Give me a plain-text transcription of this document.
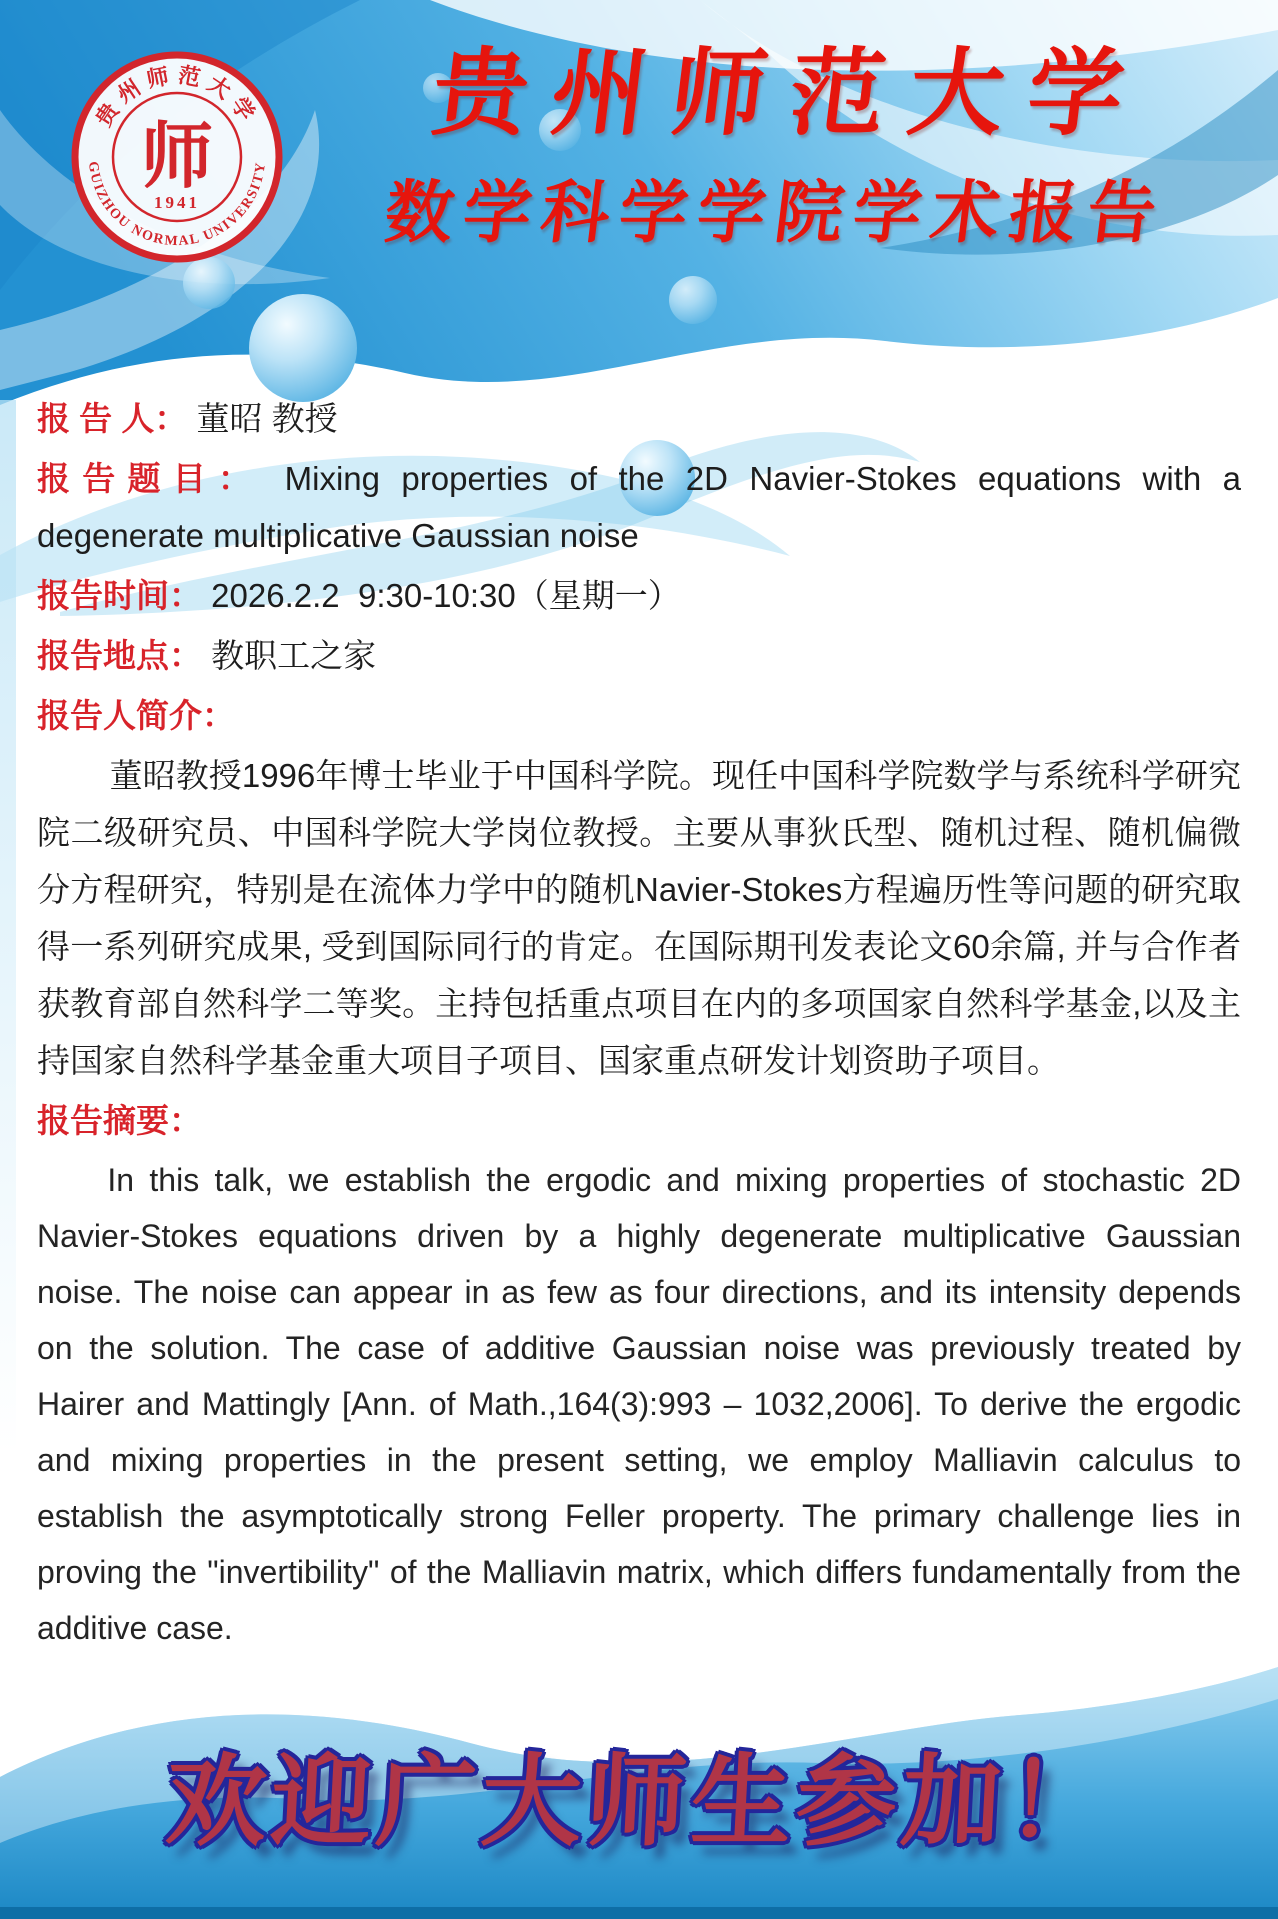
贵州师范大学
GUIZHOU NORMAL UNIVERSITY
师
1941
贵州师范大学
数学科学学院学术报告

报 告 人： 董昭 教授

报告题目： Mixing properties of the 2D Navier-Stokes equations with a degenerate multiplicative Gaussian noise

报告时间： 2026.2.2  9:30-10:30（星期一）

报告地点： 教职工之家

报告人简介：

董昭教授1996年博士毕业于中国科学院。现任中国科学院数学与系统科学研究院二级研究员、中国科学院大学岗位教授。主要从事狄氏型、随机过程、随机偏微分方程研究，特别是在流体力学中的随机Navier-Stokes方程遍历性等问题的研究取得一系列研究成果, 受到国际同行的肯定。在国际期刊发表论文60余篇, 并与合作者获教育部自然科学二等奖。主持包括重点项目在内的多项国家自然科学基金,以及主持国家自然科学基金重大项目子项目、国家重点研发计划资助子项目。

报告摘要：

In this talk, we establish the ergodic and mixing properties of stochastic 2D Navier-Stokes equations driven by a highly degenerate multiplicative Gaussian noise. The noise can appear in as few as four directions, and its intensity depends on the solution. The case of additive Gaussian noise was previously treated by Hairer and Mattingly [Ann. of Math.,164(3):993 – 1032,2006]. To derive the ergodic and mixing properties in the present setting, we employ Malliavin calculus to establish the asymptotically strong Feller property. The primary challenge lies in proving the "invertibility" of the Malliavin matrix, which differs fundamentally from the additive case.

欢迎广大师生参加！
